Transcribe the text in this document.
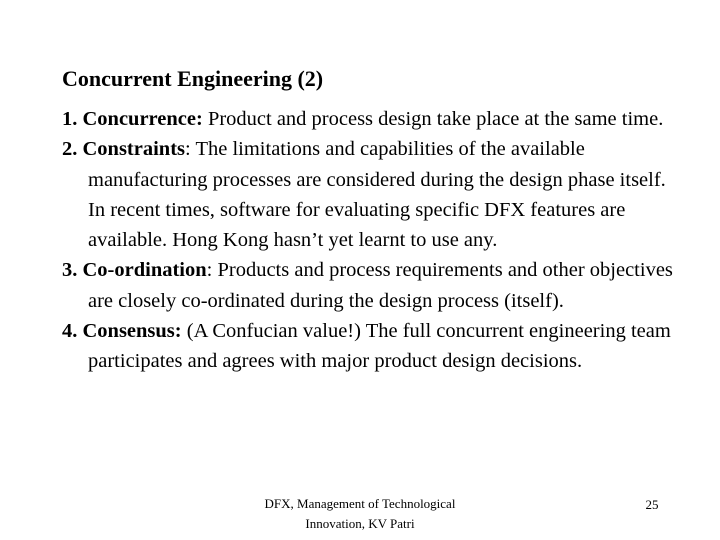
Concurrent Engineering (2)
1. Concurrence: Product and process design take place at the same time.
2. Constraints: The limitations and capabilities of the available manufacturing processes are considered during the design phase itself. In recent times, software for evaluating specific DFX features are available. Hong Kong hasn’t yet learnt to use any.
3. Co-ordination: Products and process requirements and other objectives are closely co-ordinated during the design process (itself).
4. Consensus: (A Confucian value!) The full concurrent engineering team participates and agrees with major product design decisions.
DFX, Management of Technological
Innovation, KV Patri
25
